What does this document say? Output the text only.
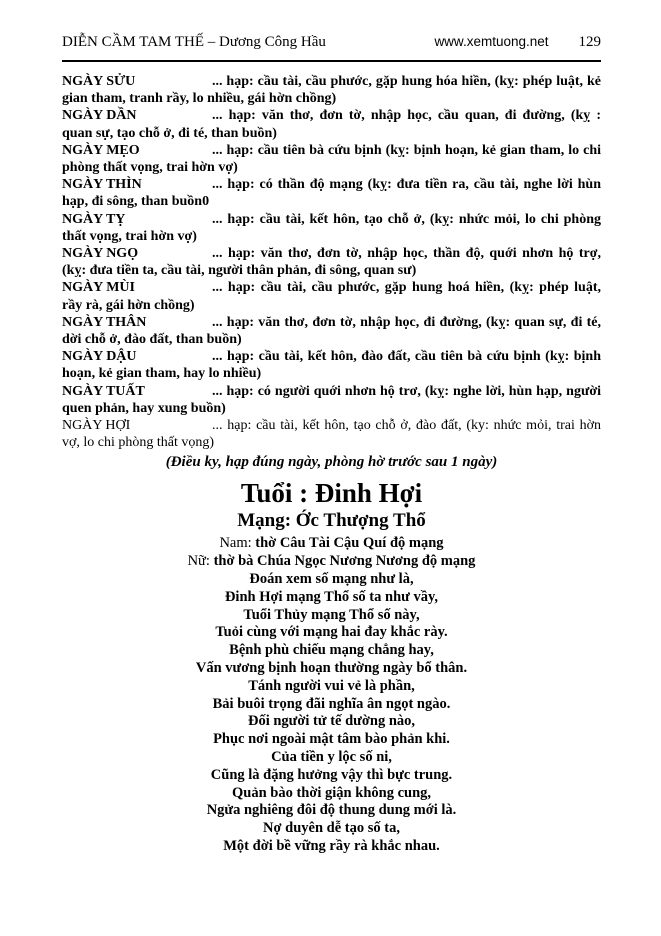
DIỄN CẦM TAM THẾ – Dương Công Hầu	www.xemtuong.net 129

NGÀY SỬU	... hạp: cầu tài, cầu phước, gặp hung hóa hiền, (kỵ: phép luật, kẻ gian tham, tranh rầy, lo nhiều, gái hờn chồng)

NGÀY DẦN	... hạp: văn thơ, đơn tờ, nhập học, cầu quan, đi đường, (kỵ : quan sự, tạo chỗ ở, đi té, than buồn)

NGÀY MẸO	... hạp: cầu tiên bà cứu bịnh (kỵ: bịnh hoạn, kẻ gian tham, lo chi phòng thất vọng, trai hờn vợ)

NGÀY THÌN	... hạp: có thần độ mạng (kỵ: đưa tiền ra, cầu tài, nghe lời hùn hạp, đi sông, than buồn0

NGÀY TỴ	... hạp: cầu tài, kết hôn, tạo chỗ ở, (kỵ: nhức mỏi, lo chi phòng thất vọng, trai hờn vợ)

NGÀY NGỌ	... hạp: văn thơ, đơn tờ, nhập học, thần độ, quới nhơn hộ trợ, (kỵ: đưa tiền ta, cầu tài, người thân phản, đi sông, quan sư)

NGÀY MÙI	... hạp: cầu tài, cầu phước, gặp hung hoá hiền, (kỵ: phép luật, rầy rà, gái hờn chồng)

NGÀY THÂN	... hạp: văn thơ, đơn tờ, nhập học, đi đường, (kỵ: quan sự, đi té, dời chỗ ở, đào đất, than buồn)

NGÀY DẬU	... hạp: cầu tài, kết hôn, đào đất, cầu tiên bà cứu bịnh (kỵ: bịnh hoạn, kẻ gian tham, hay lo nhiều)

NGÀY TUẤT	... hạp: có người quới nhơn hộ trơ, (kỵ: nghe lời, hùn hạp, người quen phản, hay xung buồn)

NGÀY HỢI	... hạp: cầu tài, kết hôn, tạo chỗ ở, đào đất, (ky: nhức mỏi, trai hờn vợ, lo chi phòng thất vọng)

(Điều ky, hạp đúng ngày, phòng hờ trước sau 1 ngày)
Tuổi : Đinh Hợi
Mạng: Ớc Thượng Thổ
Nam: thờ Câu Tài Cậu Quí độ mạng
Nữ: thờ bà Chúa Ngọc Nương Nương độ mạng
Đoán xem số mạng như là,
Đinh Hợi mạng Thổ số ta như vầy,
Tuổi Thủy mạng Thổ số này,
Tuỏi cùng với mạng hai đay khắc rày.
Bệnh phù chiếu mạng chẳng hay,
Vấn vương bịnh hoạn thường ngày bổ thân.
Tánh người vui vẻ là phần,
Bải buôi trọng đãi nghĩa ân ngọt ngào.
Đối người tử tế dường nào,
Phục nơi ngoài mật tâm bào phản khi.
Của tiền y lộc số ni,
Cũng là đặng hưởng vậy thì bực trung.
Quản bào thời giận không cung,
Ngửa nghiêng đôi độ thung dung mới là.
Nợ duyên dễ tạo số ta,
Một đời bề vững rầy rà khắc nhau.
